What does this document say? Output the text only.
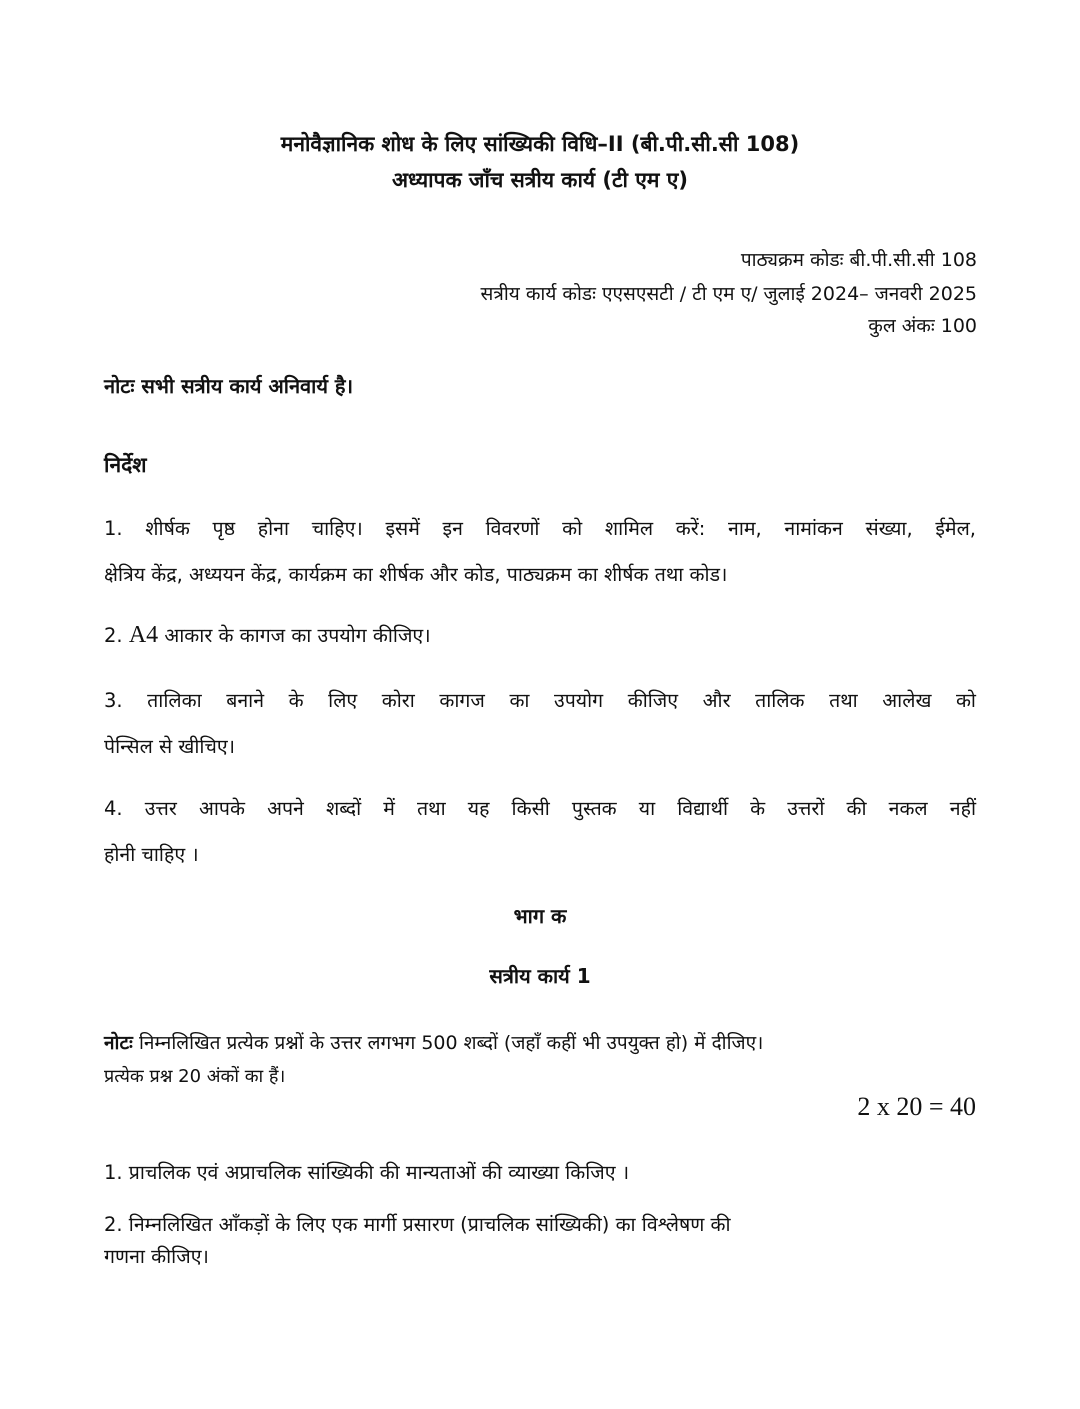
मनोवैज्ञानिक शोध के लिए सांख्यिकी विधि–II (बी.पी.सी.सी 108)
अध्यापक जाँच सत्रीय कार्य (टी एम ए)
पाठ्यक्रम कोडः बी.पी.सी.सी 108
सत्रीय कार्य कोडः एएसएसटी / टी एम ए/ जुलाई 2024– जनवरी 2025
कुल अंकः 100
नोटः सभी सत्रीय कार्य अनिवार्य है।
निर्देश
1. शीर्षक पृष्ठ होना चाहिए। इसमें इन विवरणों को शामिल करें: नाम, नामांकन संख्या, ईमेल,
क्षेत्रिय केंद्र, अध्ययन केंद्र, कार्यक्रम का शीर्षक और कोड, पाठ्यक्रम का शीर्षक तथा कोड।
2. A4 आकार के कागज का उपयोग कीजिए।
3. तालिका बनाने के लिए कोरा कागज का उपयोग कीजिए और तालिक तथा आलेख को
पेन्सिल से खीचिए।
4. उत्तर आपके अपने शब्दों में तथा यह किसी पुस्तक या विद्यार्थी के उत्तरों की नकल नहीं
होनी चाहिए ।
भाग क
सत्रीय कार्य 1
नोटः निम्नलिखित प्रत्येक प्रश्नों के उत्तर लगभग 500 शब्दों (जहाँ कहीं भी उपयुक्त हो) में दीजिए।
प्रत्येक प्रश्न 20 अंकों का हैं।
2 x 20 = 40
1. प्राचलिक एवं अप्राचलिक सांख्यिकी की मान्यताओं की व्याख्या किजिए ।
2. निम्नलिखित आँकड़ों के लिए एक मार्गी प्रसारण (प्राचलिक सांख्यिकी) का विश्लेषण की
गणना कीजिए।
